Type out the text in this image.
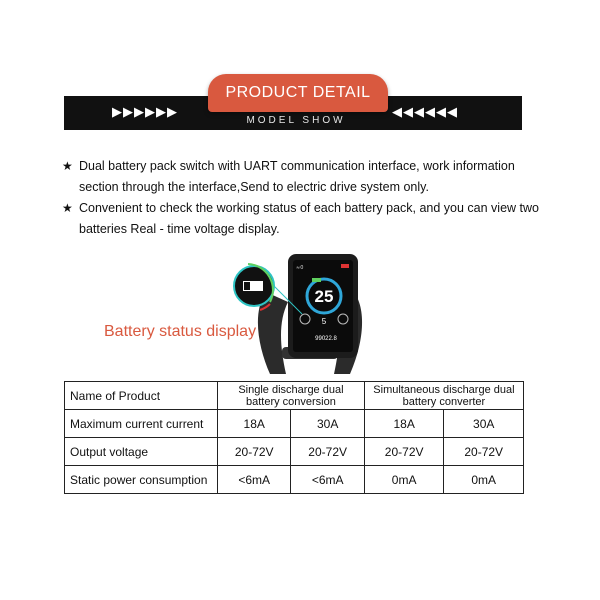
▶▶▶▶▶▶	◀◀◀◀◀◀
PRODUCT DETAIL
MODEL SHOW
★ Dual battery pack switch with UART communication interface, work information section through the interface,Send to electric drive system only.
★ Convenient to check the working status of each battery pack, and you can view two batteries Real - time voltage display.
≈0
25
5
99022.8
Battery status display
Name of Product	Single discharge dual battery conversion		Simultaneous discharge dual battery converter	
Maximum current current	18A	30A	18A	30A
Output voltage	20-72V	20-72V	20-72V	20-72V
Static power consumption	<6mA	<6mA	0mA	0mA
